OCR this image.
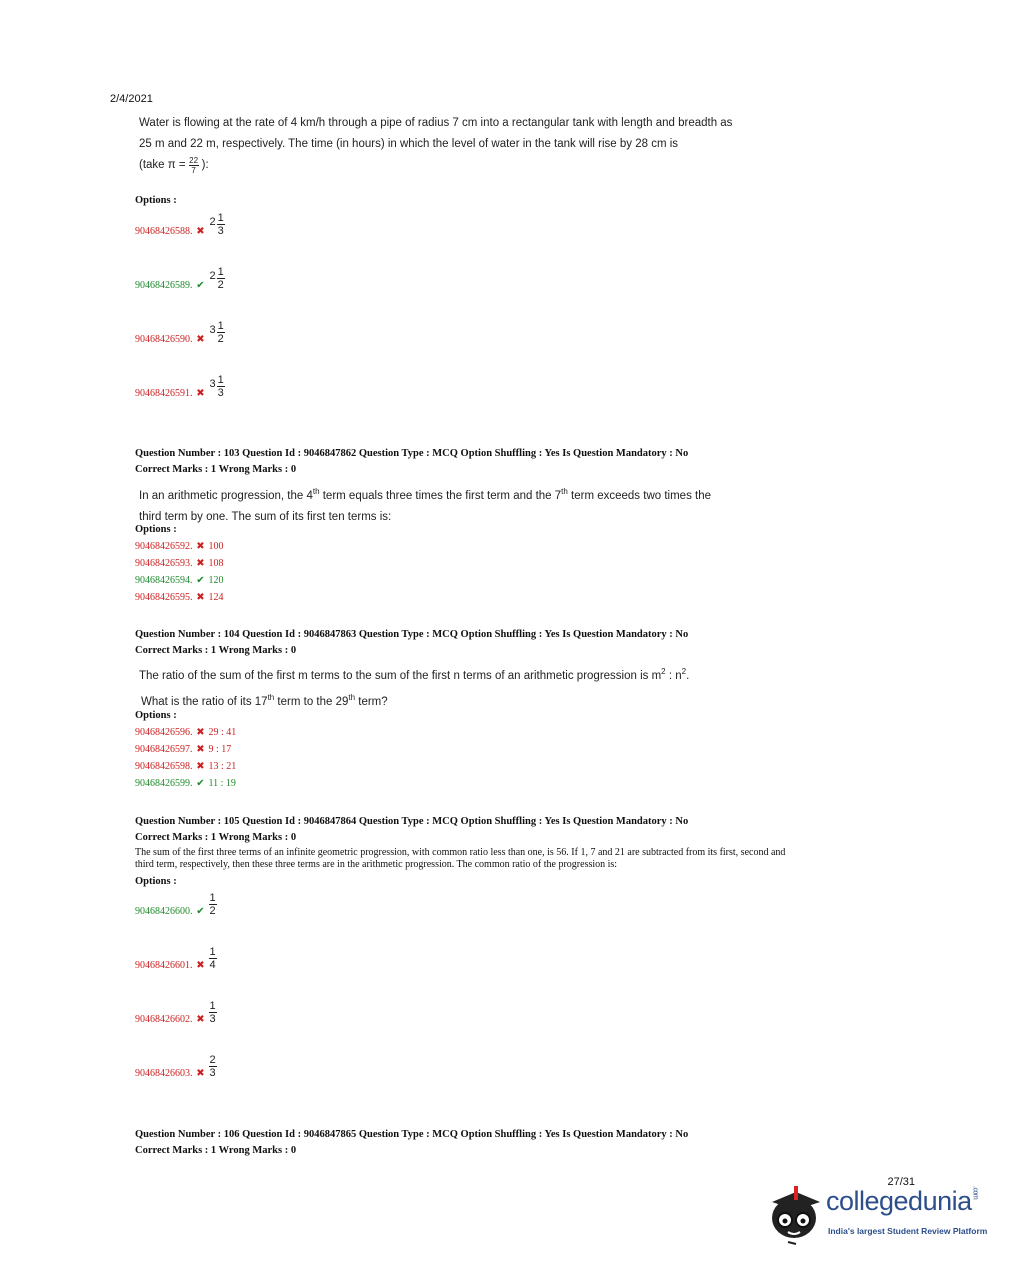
2/4/2021
Water is flowing at the rate of 4 km/h through a pipe of radius 7 cm into a rectangular tank with length and breadth as
25 m and 22 m, respectively. The time (in hours) in which the level of water in the tank will rise by 28 cm is
(take $\pi = \frac{22}{7}$ ):
Options :
Question Number : 103 Question Id : 9046847862 Question Type : MCQ Option Shuffling : Yes Is Question Mandatory : No
Correct Marks : 1 Wrong Marks : 0
In an arithmetic progression, the 4th term equals three times the first term and the 7th term exceeds two times the
third term by one. The sum of its first ten terms is:
Options :
Question Number : 104 Question Id : 9046847863 Question Type : MCQ Option Shuffling : Yes Is Question Mandatory : No
Correct Marks : 1 Wrong Marks : 0
The ratio of the sum of the first m terms to the sum of the first n terms of an arithmetic progression is $m^2$ : $n^2$.
What is the ratio of its 17th term to the 29th term?
Options :
Question Number : 105 Question Id : 9046847864 Question Type : MCQ Option Shuffling : Yes Is Question Mandatory : No
Correct Marks : 1 Wrong Marks : 0
The sum of the first three terms of an infinite geometric progression, with common ratio less than one, is 56. If 1, 7 and 21 are subtracted from its first, second and
third term, respectively, then these three terms are in the arithmetic progression. The common ratio of the progression is:
Options :
Question Number : 106 Question Id : 9046847865 Question Type : MCQ Option Shuffling : Yes Is Question Mandatory : No
Correct Marks : 1 Wrong Marks : 0
27/31
collegedunia.com
India's largest Student Review Platform
90468426588. ✖
$2 \frac{1}{3}$
90468426589. ✔
$2 \frac{1}{2}$
90468426590. ✖
$3 \frac{1}{2}$
90468426591. ✖
$3 \frac{1}{3}$
90468426592. ✖ 100
90468426593. ✖ 108
90468426594. ✔ 120
90468426595. ✖ 124
90468426596. ✖ 29 : 41
90468426597. ✖ 9 : 17
90468426598. ✖ 13 : 21
90468426599. ✔ 11 : 19
90468426600. ✔ $\frac{1}{2}$
90468426601. ✖ $\frac{1}{4}$
90468426602. ✖ $\frac{1}{3}$
90468426603. ✖ $\frac{2}{3}$
